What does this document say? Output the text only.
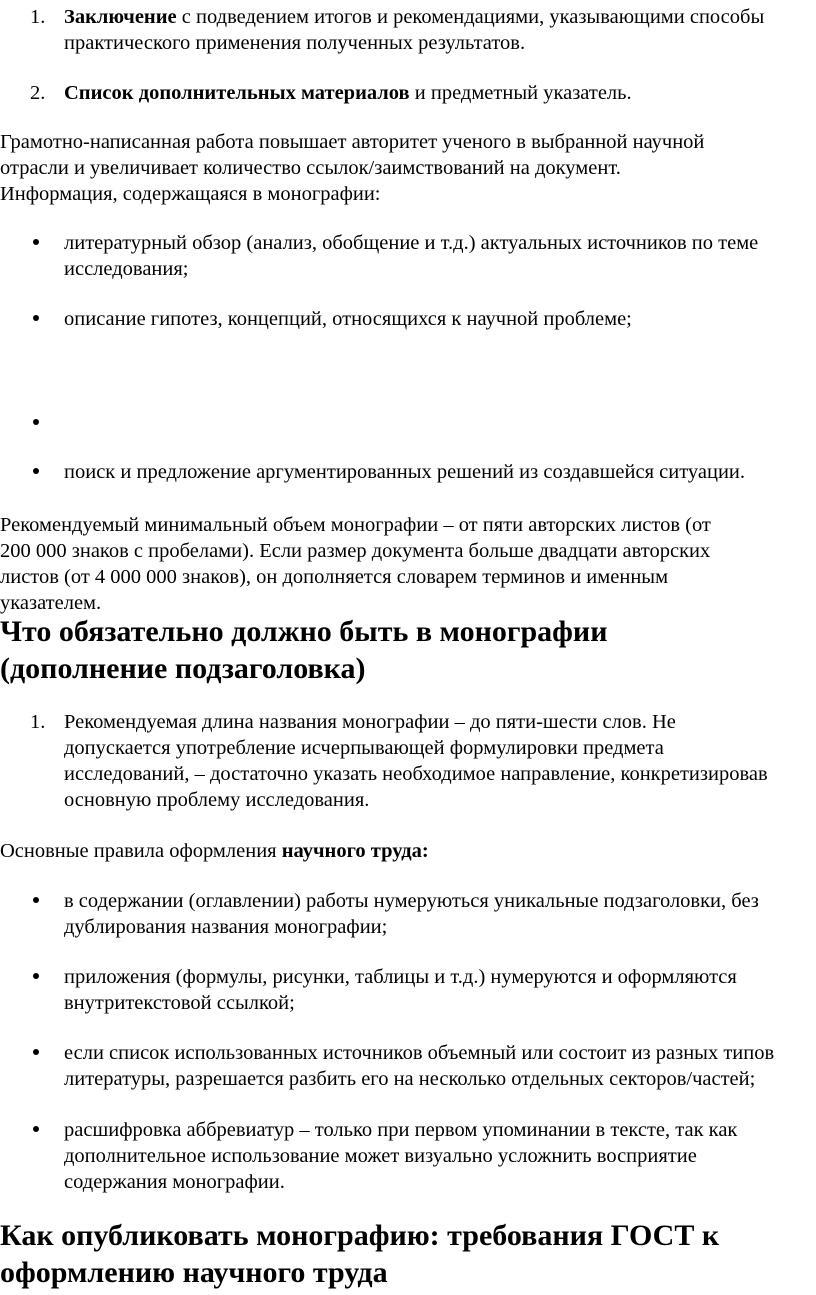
1. Заключение с подведением итогов и рекомендациями, указывающими способы
практического применения полученных результатов.
2. Список дополнительных материалов и предметный указатель.
Грамотно-написанная работа повышает авторитет ученого в выбранной научной
отрасли и увеличивает количество ссылок/заимствований на документ.
Информация, содержащаяся в монографии:
литературный обзор (анализ, обобщение и т.д.) актуальных источников по теме
исследования;
описание гипотез, концепций, относящихся к научной проблеме;
поиск и предложение аргументированных решений из создавшейся ситуации.
Рекомендуемый минимальный объем монографии – от пяти авторских листов (от
200 000 знаков с пробелами). Если размер документа больше двадцати авторских
листов (от 4 000 000 знаков), он дополняется словарем терминов и именным
указателем.
Что обязательно должно быть в монографии
(дополнение подзаголовка)
1. Рекомендуемая длина названия монографии – до пяти-шести слов. Не
допускается употребление исчерпывающей формулировки предмета
исследований, – достаточно указать необходимое направление, конкретизировав
основную проблему исследования.
Основные правила оформления научного труда:
в содержании (оглавлении) работы нумеруються уникальные подзаголовки, без
дублирования названия монографии;
приложения (формулы, рисунки, таблицы и т.д.) нумеруются и оформляются
внутритекстовой ссылкой;
если список использованных источников объемный или состоит из разных типов
литературы, разрешается разбить его на несколько отдельных секторов/частей;
расшифровка аббревиатур – только при первом упоминании в тексте, так как
дополнительное использование может визуально усложнить восприятие
содержания монографии.
Как опубликовать монографию: требования ГОСТ к
оформлению научного труда
